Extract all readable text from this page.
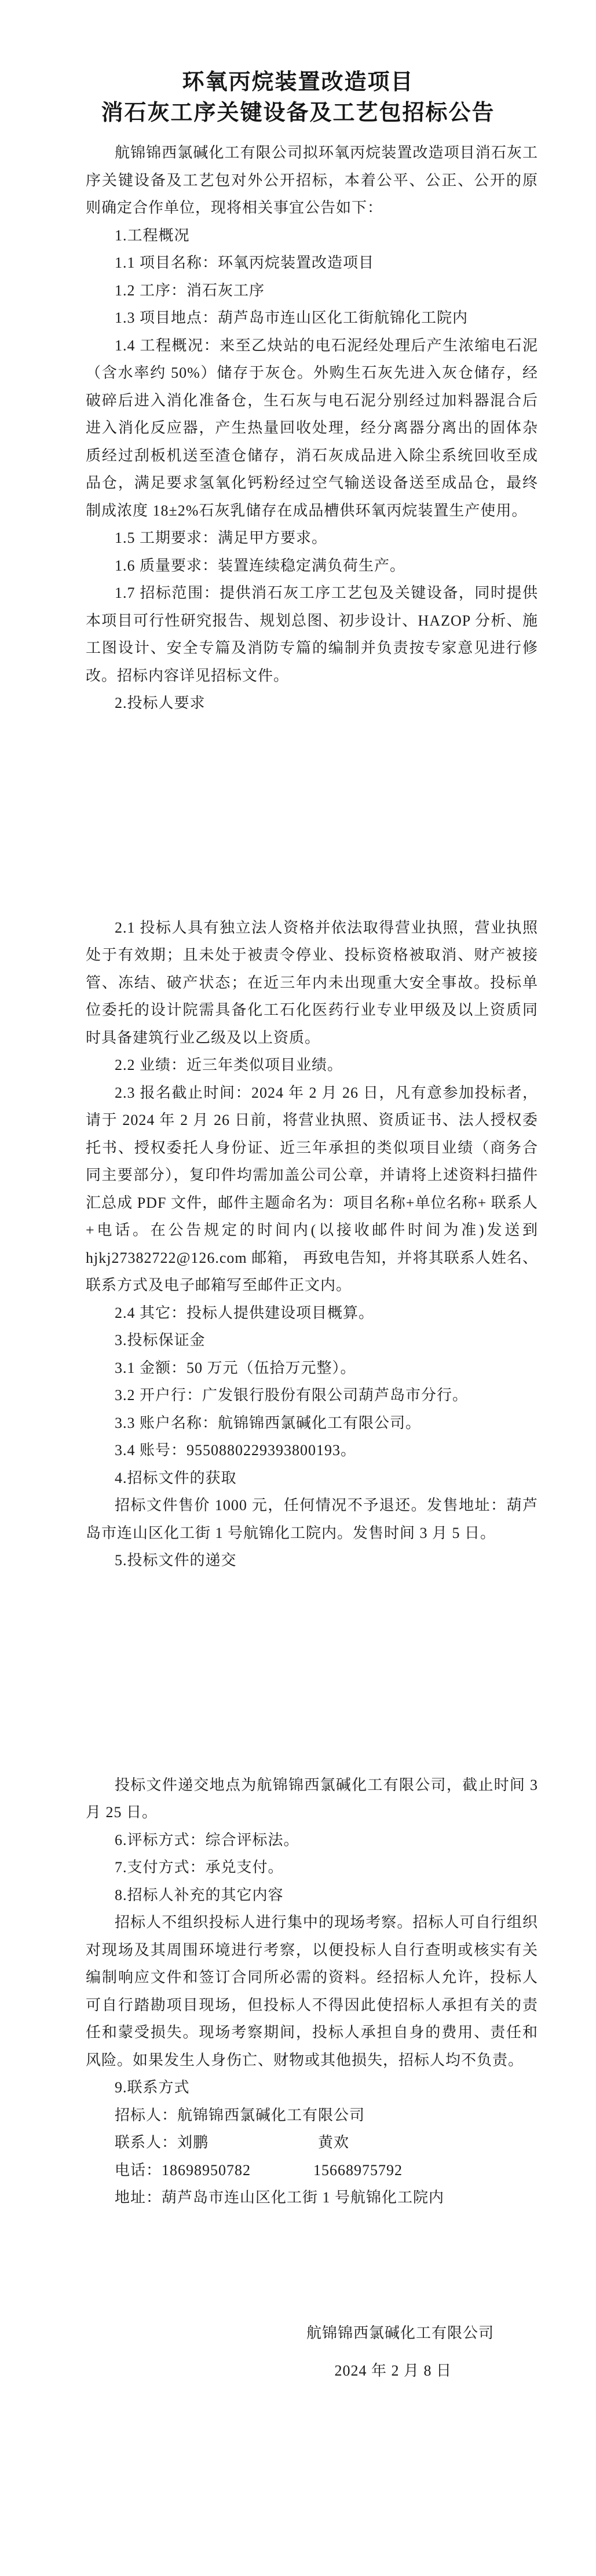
环氧丙烷装置改造项目
消石灰工序关键设备及工艺包招标公告

航锦锦西氯碱化工有限公司拟环氧丙烷装置改造项目消石灰工序关键设备及工艺包对外公开招标，本着公平、公正、公开的原则确定合作单位，现将相关事宜公告如下：

1.工程概况

1.1 项目名称：环氧丙烷装置改造项目

1.2 工序：消石灰工序

1.3 项目地点：葫芦岛市连山区化工街航锦化工院内

1.4 工程概况：来至乙炔站的电石泥经处理后产生浓缩电石泥（含水率约 50%）储存于灰仓。外购生石灰先进入灰仓储存，经破碎后进入消化准备仓，生石灰与电石泥分别经过加料器混合后进入消化反应器，产生热量回收处理，经分离器分离出的固体杂质经过刮板机送至渣仓储存，消石灰成品进入除尘系统回收至成品仓，满足要求氢氧化钙粉经过空气输送设备送至成品仓，最终制成浓度 18±2%石灰乳储存在成品槽供环氧丙烷装置生产使用。

1.5 工期要求：满足甲方要求。

1.6 质量要求：装置连续稳定满负荷生产。

1.7 招标范围：提供消石灰工序工艺包及关键设备，同时提供本项目可行性研究报告、规划总图、初步设计、HAZOP 分析、施工图设计、安全专篇及消防专篇的编制并负责按专家意见进行修改。招标内容详见招标文件。

2.投标人要求

2.1 投标人具有独立法人资格并依法取得营业执照，营业执照处于有效期；且未处于被责令停业、投标资格被取消、财产被接管、冻结、破产状态；在近三年内未出现重大安全事故。投标单位委托的设计院需具备化工石化医药行业专业甲级及以上资质同时具备建筑行业乙级及以上资质。

2.2 业绩：近三年类似项目业绩。

2.3 报名截止时间：2024 年 2 月 26 日，凡有意参加投标者，请于 2024 年 2 月 26 日前，将营业执照、资质证书、法人授权委托书、授权委托人身份证、近三年承担的类似项目业绩（商务合同主要部分），复印件均需加盖公司公章，并请将上述资料扫描件汇总成 PDF 文件，邮件主题命名为：项目名称+单位名称+ 联系人+电话。在公告规定的时间内(以接收邮件时间为准)发送到 hjkj27382722@126.com 邮箱， 再致电告知，并将其联系人姓名、联系方式及电子邮箱写至邮件正文内。

2.4 其它：投标人提供建设项目概算。

3.投标保证金

3.1 金额：50 万元（伍拾万元整）。

3.2 开户行：广发银行股份有限公司葫芦岛市分行。

3.3 账户名称：航锦锦西氯碱化工有限公司。

3.4 账号：9550880229393800193。

4.招标文件的获取

招标文件售价 1000 元，任何情况不予退还。发售地址：葫芦岛市连山区化工街 1 号航锦化工院内。发售时间 3 月 5 日。

5.投标文件的递交

投标文件递交地点为航锦锦西氯碱化工有限公司，截止时间 3 月 25 日。

6.评标方式：综合评标法。

7.支付方式：承兑支付。

8.招标人补充的其它内容

招标人不组织投标人进行集中的现场考察。招标人可自行组织对现场及其周围环境进行考察，以便投标人自行查明或核实有关编制响应文件和签订合同所必需的资料。经招标人允许，投标人可自行踏勘项目现场，但投标人不得因此使招标人承担有关的责任和蒙受损失。现场考察期间，投标人承担自身的费用、责任和风险。如果发生人身伤亡、财物或其他损失，招标人均不负责。

9.联系方式

招标人：航锦锦西氯碱化工有限公司

联系人：刘鹏　　　　　　　黄欢

电话：18698950782　　　　15668975792

地址：葫芦岛市连山区化工街 1 号航锦化工院内

航锦锦西氯碱化工有限公司
2024 年 2 月 8 日
